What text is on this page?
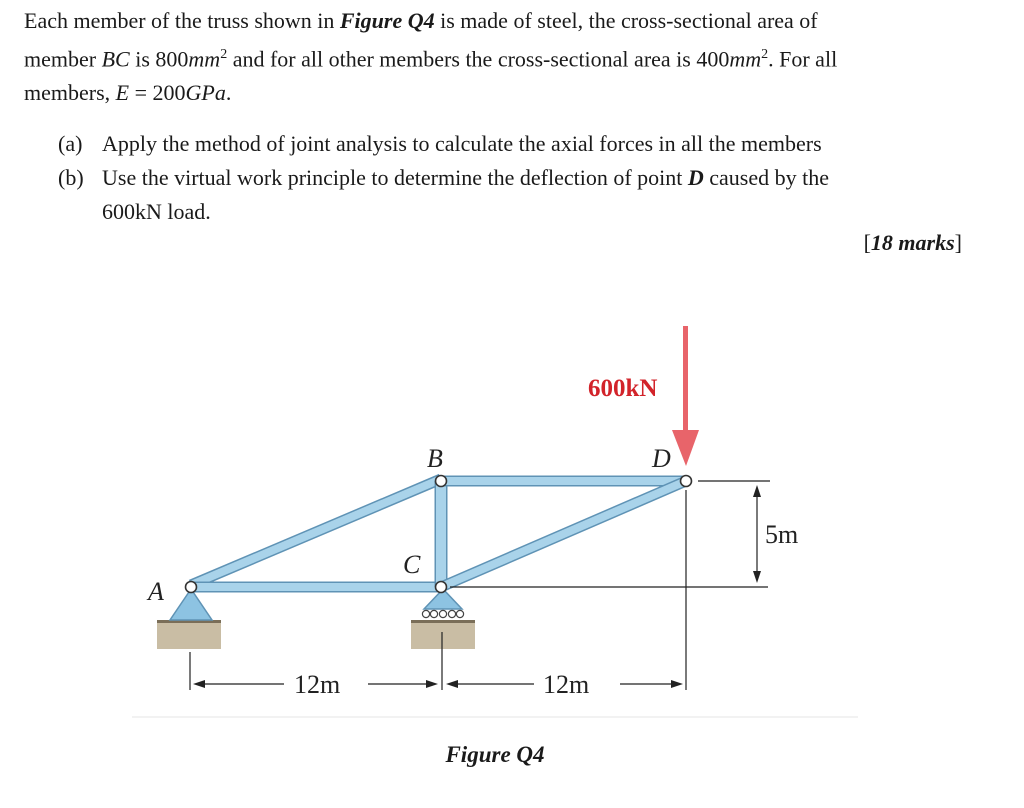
Each member of the truss shown in Figure Q4 is made of steel, the cross-sectional area of
member BC is $800mm^2$ and for all other members the cross-sectional area is $400mm^2$. For all
members, E = 200GPa.
(a) Apply the method of joint analysis to calculate the axial forces in all the members
(b) Use the virtual work principle to determine the deflection of point D caused by the
600kN load.
[18 marks]
600kN
A
B
C
D
12m	12m
5m
Figure Q4
